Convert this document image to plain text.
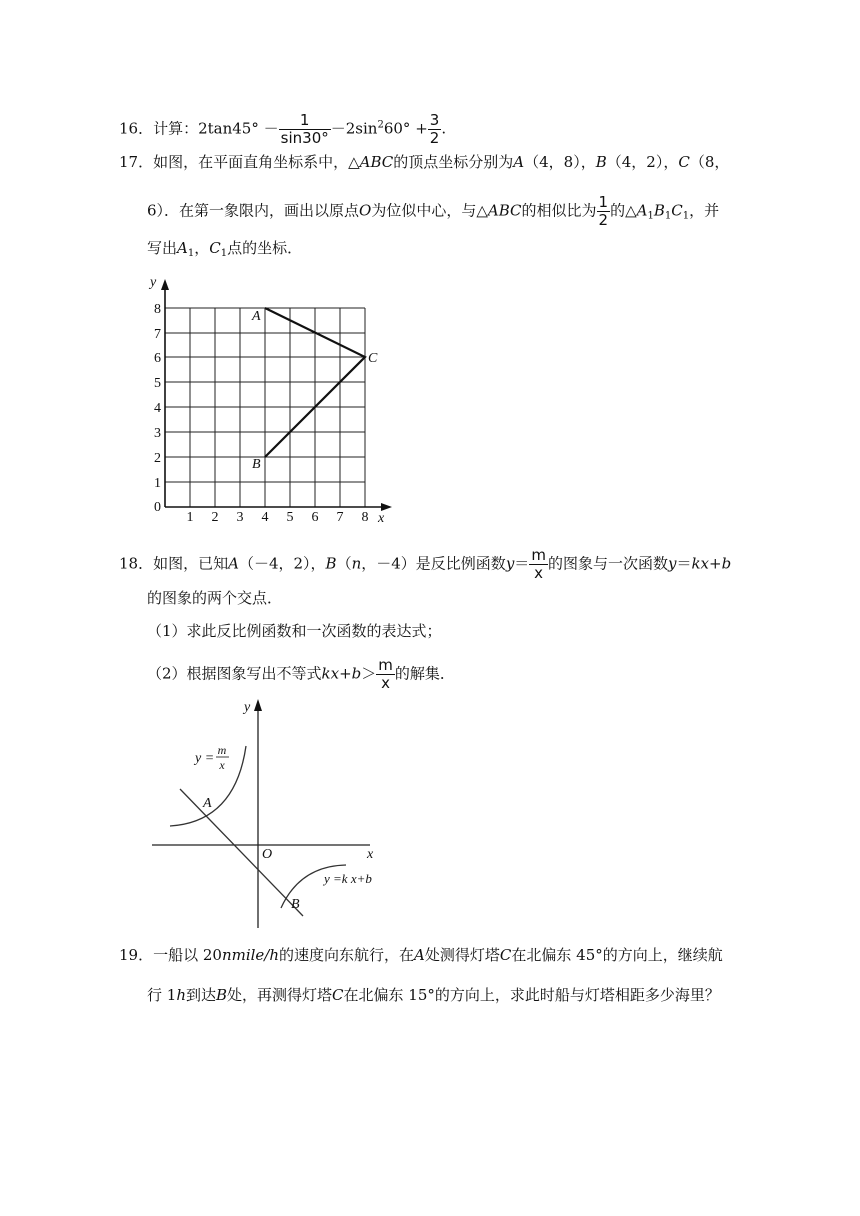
16．计算：$2\tan 45^\circ - \frac{1}{\sin 30^\circ} -2\sin^260^\circ + \frac{3}{2}$ .
17．如图，在平面直角坐标系中，△ABC的顶点坐标分别为A（4，8），B（4，2），C（8，
6）．在第一象限内，画出以原点O为位似中心，与△ABC的相似比为 $\frac{1}{2}$ 的$\triangle A_1B_1C_1$，并
写出$A_1$，$C_1$点的坐标．
y
x
0
1 2 3 4 5 6 7 8
1
2
3
4
5
6
7
8	A
C
B
18．如图，已知A（－4，2），B（n，－4）是反比例函数$y= \frac{m}{x}$ 的图象与一次函数y＝kx+b
的图象的两个交点．
（1）求此反比例函数和一次函数的表达式；
（2）根据图象写出不等式$kx+b> \frac{m}{x}$ 的解集．
y
x
O
A
B
y =
m
x
y =k x+b
19．一船以 20nmile/h的速度向东航行，在A处测得灯塔C在北偏东 45°的方向上，继续航
行 1h到达B处，再测得灯塔C在北偏东 15°的方向上，求此时船与灯塔相距多少海里？
